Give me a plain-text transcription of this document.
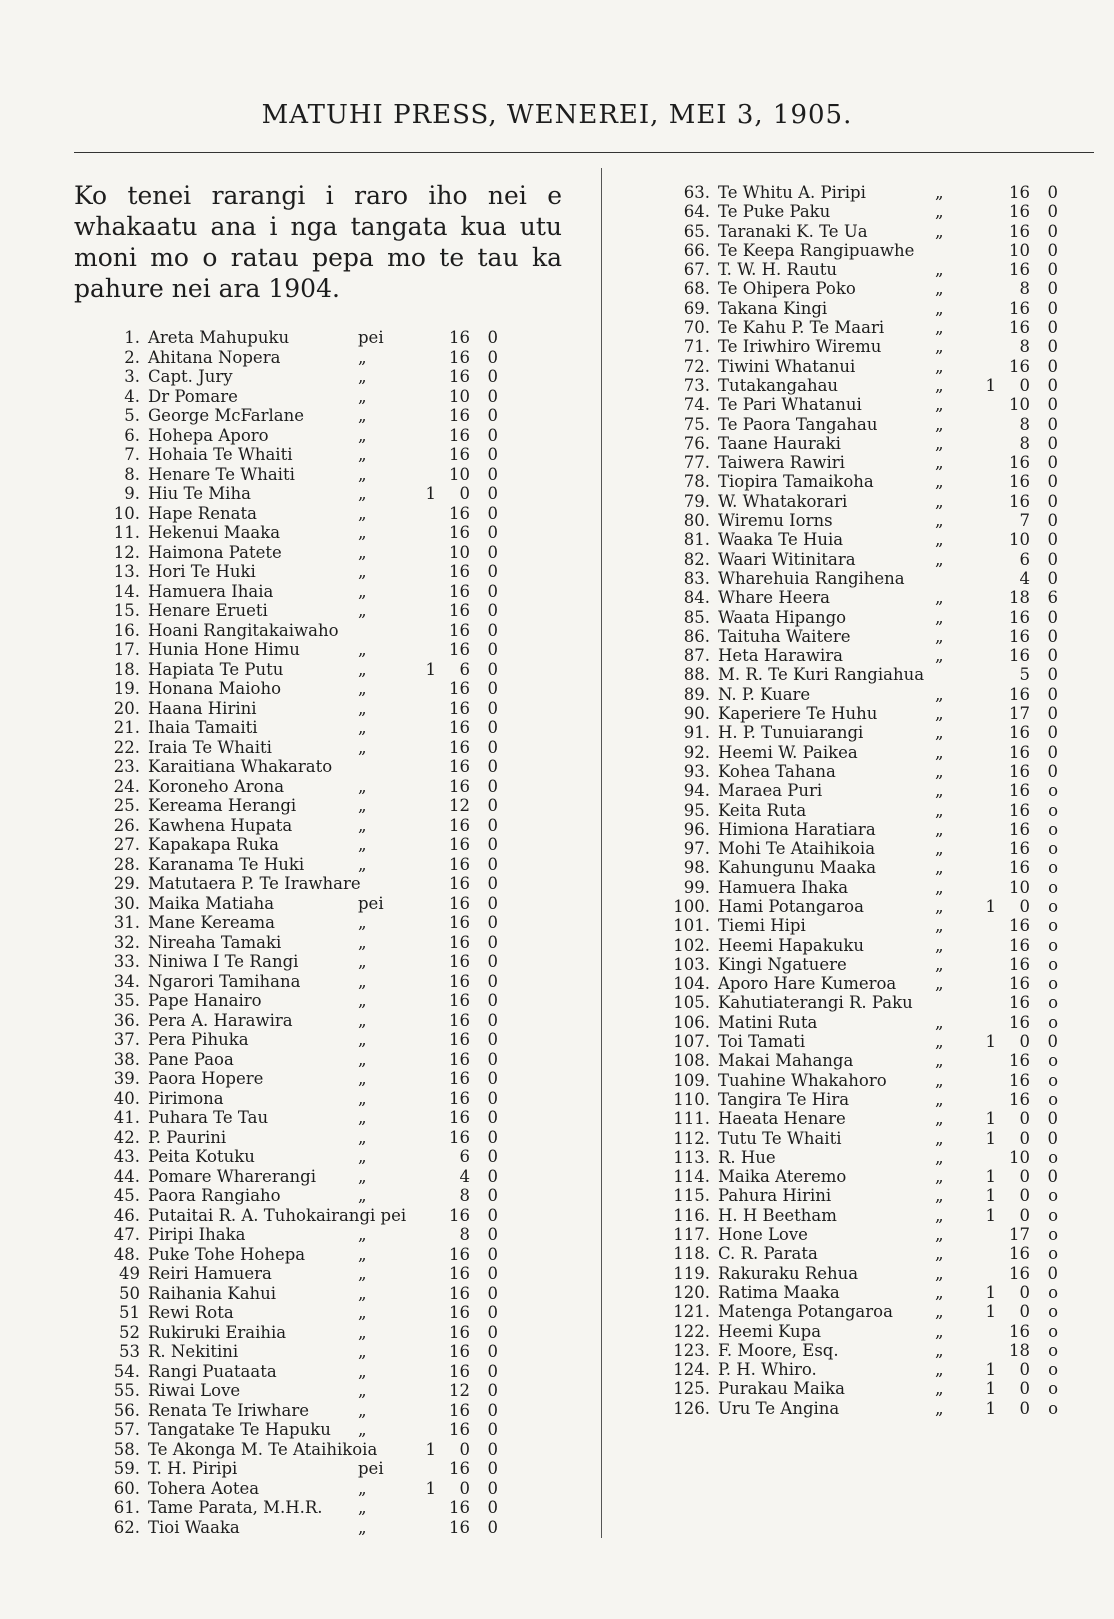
MATUHI PRESS, WENEREI, MEI 3, 1905.
Ko tenei rarangi i raro iho nei e whakaatu ana i nga tangata kua utu moni mo o ratau pepa mo te tau ka pahure nei ara 1904.
1. Areta Mahupuku	pei	16 0
2. Ahitana Nopera	„	16 0
3. Capt. Jury	„	16 0
4. Dr Pomare	„	10 0
5. George McFarlane	„	16 0
6. Hohepa Aporo	„	16 0
7. Hohaia Te Whaiti	„	16 0
8. Henare Te Whaiti	„	10 0
9. Hiu Te Miha	„	1 0 0
10. Hape Renata	„	16 0
11. Hekenui Maaka	„	16 0
12. Haimona Patete	„	10 0
13. Hori Te Huki	„	16 0
14. Hamuera Ihaia	„	16 0
15. Henare Erueti	„	16 0
16. Hoani Rangitakaiwaho	16 0
17. Hunia Hone Himu	„	16 0
18. Hapiata Te Putu	„	1 6 0
19. Honana Maioho	„	16 0
20. Haana Hirini	„	16 0
21. Ihaia Tamaiti	„	16 0
22. Iraia Te Whaiti	„	16 0
23. Karaitiana Whakarato	16 0
24. Koroneho Arona	„	16 0
25. Kereama Herangi	„	12 0
26. Kawhena Hupata	„	16 0
27. Kapakapa Ruka	„	16 0
28. Karanama Te Huki	„	16 0
29. Matutaera P. Te Irawhare	16 0
30. Maika Matiaha	pei	16 0
31. Mane Kereama	„	16 0
32. Nireaha Tamaki	„	16 0
33. Niniwa I Te Rangi	„	16 0
34. Ngarori Tamihana	„	16 0
35. Pape Hanairo	„	16 0
36. Pera A. Harawira	„	16 0
37. Pera Pihuka	„	16 0
38. Pane Paoa	„	16 0
39. Paora Hopere	„	16 0
40. Pirimona	„	16 0
41. Puhara Te Tau	„	16 0
42. P. Paurini	„	16 0
43. Peita Kotuku	„	6 0
44. Pomare Wharerangi	„	4 0
45. Paora Rangiaho	„	8 0
46. Putaitai R. A. Tuhokairangi pei	16 0
47. Piripi Ihaka	„	8 0
48. Puke Tohe Hohepa	„	16 0
49 Reiri Hamuera	„	16 0
50 Raihania Kahui	„	16 0
51 Rewi Rota	„	16 0
52 Rukiruki Eraihia	„	16 0
53 R. Nekitini	„	16 0
54. Rangi Puataata	„	16 0
55. Riwai Love	„	12 0
56. Renata Te Iriwhare	„	16 0
57. Tangatake Te Hapuku „	16 0
58. Te Akonga M. Te Ataihikoia	1 0 0
59. T. H. Piripi	pei	16 0
60. Tohera Aotea	„	1 0 0
61. Tame Parata, M.H.R. „	16 0
62. Tioi Waaka	„	16 0
63. Te Whitu A. Piripi	„	16 0
64. Te Puke Paku	„	16 0
65. Taranaki K. Te Ua	„	16 0
66. Te Keepa Rangipuawhe	10 0
67. T. W. H. Rautu	„	16 0
68. Te Ohipera Poko	„	8 0
69. Takana Kingi	„	16 0
70. Te Kahu P. Te Maari	„	16 0
71. Te Iriwhiro Wiremu	„	8 0
72. Tiwini Whatanui	„	16 0
73. Tutakangahau	„	1 0 0
74. Te Pari Whatanui	„	10 0
75. Te Paora Tangahau	„	8 0
76. Taane Hauraki	„	8 0
77. Taiwera Rawiri	„	16 0
78. Tiopira Tamaikoha	„	16 0
79. W. Whatakorari	„	16 0
80. Wiremu Iorns	„	7 0
81. Waaka Te Huia	„	10 0
82. Waari Witinitara	„	6 0
83. Wharehuia Rangihena	4 0
84. Whare Heera	„	18 6
85. Waata Hipango	„	16 0
86. Taituha Waitere	„	16 0
87. Heta Harawira	„	16 0
88. M. R. Te Kuri Rangiahua	5 0
89. N. P. Kuare	„	16 0
90. Kaperiere Te Huhu	„	17 0
91. H. P. Tunuiarangi	„	16 0
92. Heemi W. Paikea	„	16 0
93. Kohea Tahana	„	16 0
94. Maraea Puri	„	16 o
95. Keita Ruta	„	16 o
96. Himiona Haratiara	„	16 o
97. Mohi Te Ataihikoia	„	16 o
98. Kahungunu Maaka	„	16 o
99. Hamuera Ihaka	„	10 o
100. Hami Potangaroa	„	1 0 o
101. Tiemi Hipi	„	16 o
102. Heemi Hapakuku	„	16 o
103. Kingi Ngatuere	„	16 o
104. Aporo Hare Kumeroa „	16 o
105. Kahutiaterangi R. Paku	16 o
106. Matini Ruta	„	16 o
107. Toi Tamati	„	1 0 0
108. Makai Mahanga	„	16 o
109. Tuahine Whakahoro	„	16 o
110. Tangira Te Hira	„	16 o
111. Haeata Henare	„	1 0 0
112. Tutu Te Whaiti	„	1 0 0
113. R. Hue	„	10 o
114. Maika Ateremo	„	1 0 0
115. Pahura Hirini	„	1 0 o
116. H. H Beetham	„	1 0 o
117. Hone Love	„	17 o
118. C. R. Parata	„	16 o
119. Rakuraku Rehua	„	16 0
120. Ratima Maaka	„	1 0 o
121. Matenga Potangaroa	„	1 0 o
122. Heemi Kupa	„	16 o
123. F. Moore, Esq.	„	18 o
124. P. H. Whiro.	„	1 0 o
125. Purakau Maika	„	1 0 o
126. Uru Te Angina	„	1 0 o
